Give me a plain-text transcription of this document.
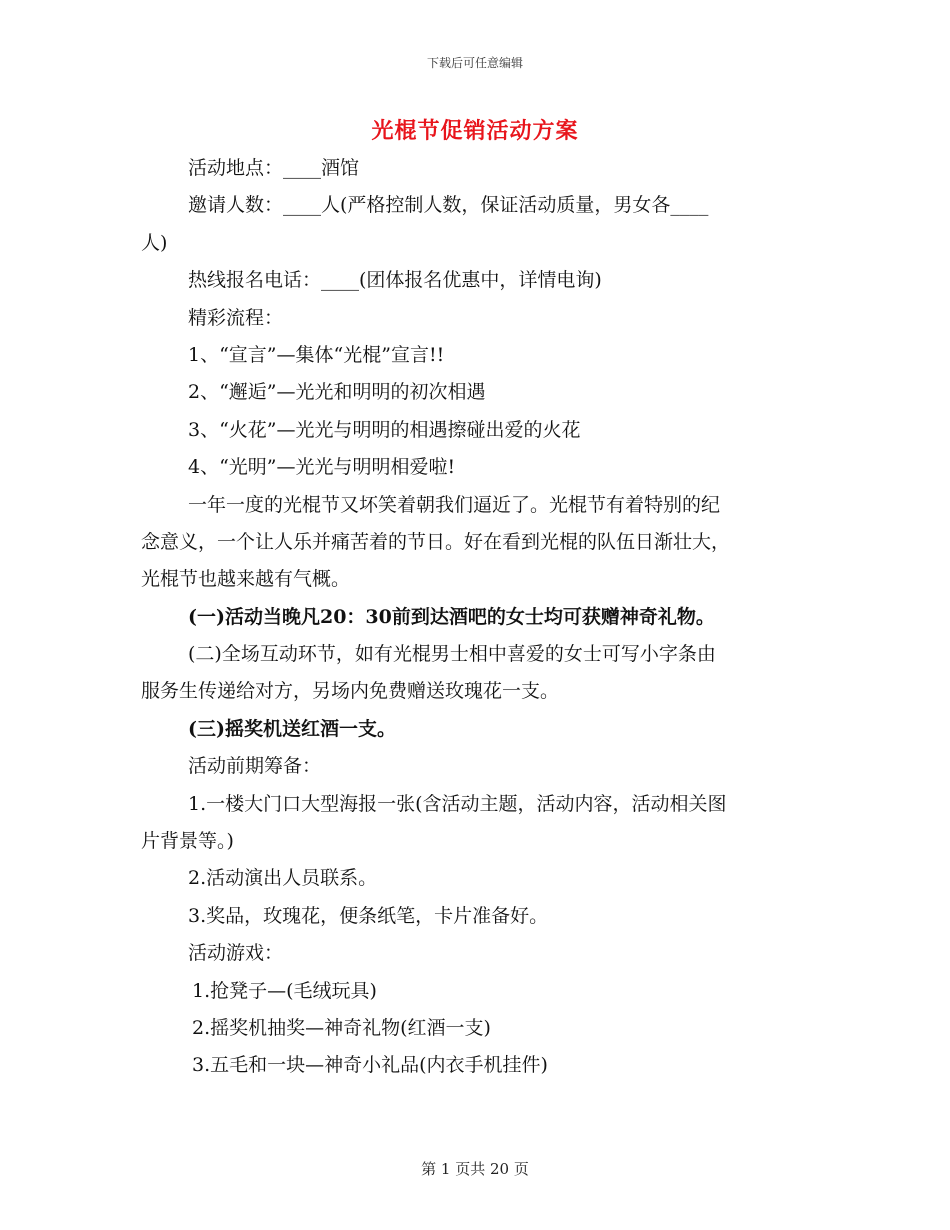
下载后可任意编辑
光棍节促销活动方案
活动地点：____酒馆
邀请人数：____人(严格控制人数，保证活动质量，男女各____
人)
热线报名电话：____(团体报名优惠中，详情电询)
精彩流程：
1、“宣言”—集体“光棍”宣言!!
2、“邂逅”—光光和明明的初次相遇
3、“火花”—光光与明明的相遇擦碰出爱的火花
4、“光明”—光光与明明相爱啦!
一年一度的光棍节又坏笑着朝我们逼近了。光棍节有着特别的纪
念意义，一个让人乐并痛苦着的节日。好在看到光棍的队伍日渐壮大，
光棍节也越来越有气概。
(一)活动当晚凡20：30前到达酒吧的女士均可获赠神奇礼物。
(二)全场互动环节，如有光棍男士相中喜爱的女士可写小字条由
服务生传递给对方，另场内免费赠送玫瑰花一支。
(三)摇奖机送红酒一支。
活动前期筹备：
1.一楼大门口大型海报一张(含活动主题，活动内容，活动相关图
片背景等。)
2.活动演出人员联系。
3.奖品，玫瑰花，便条纸笔，卡片准备好。
活动游戏：
1.抢凳子—(毛绒玩具)
2.摇奖机抽奖—神奇礼物(红酒一支)
3.五毛和一块—神奇小礼品(内衣手机挂件)
第 1 页共 20 页
